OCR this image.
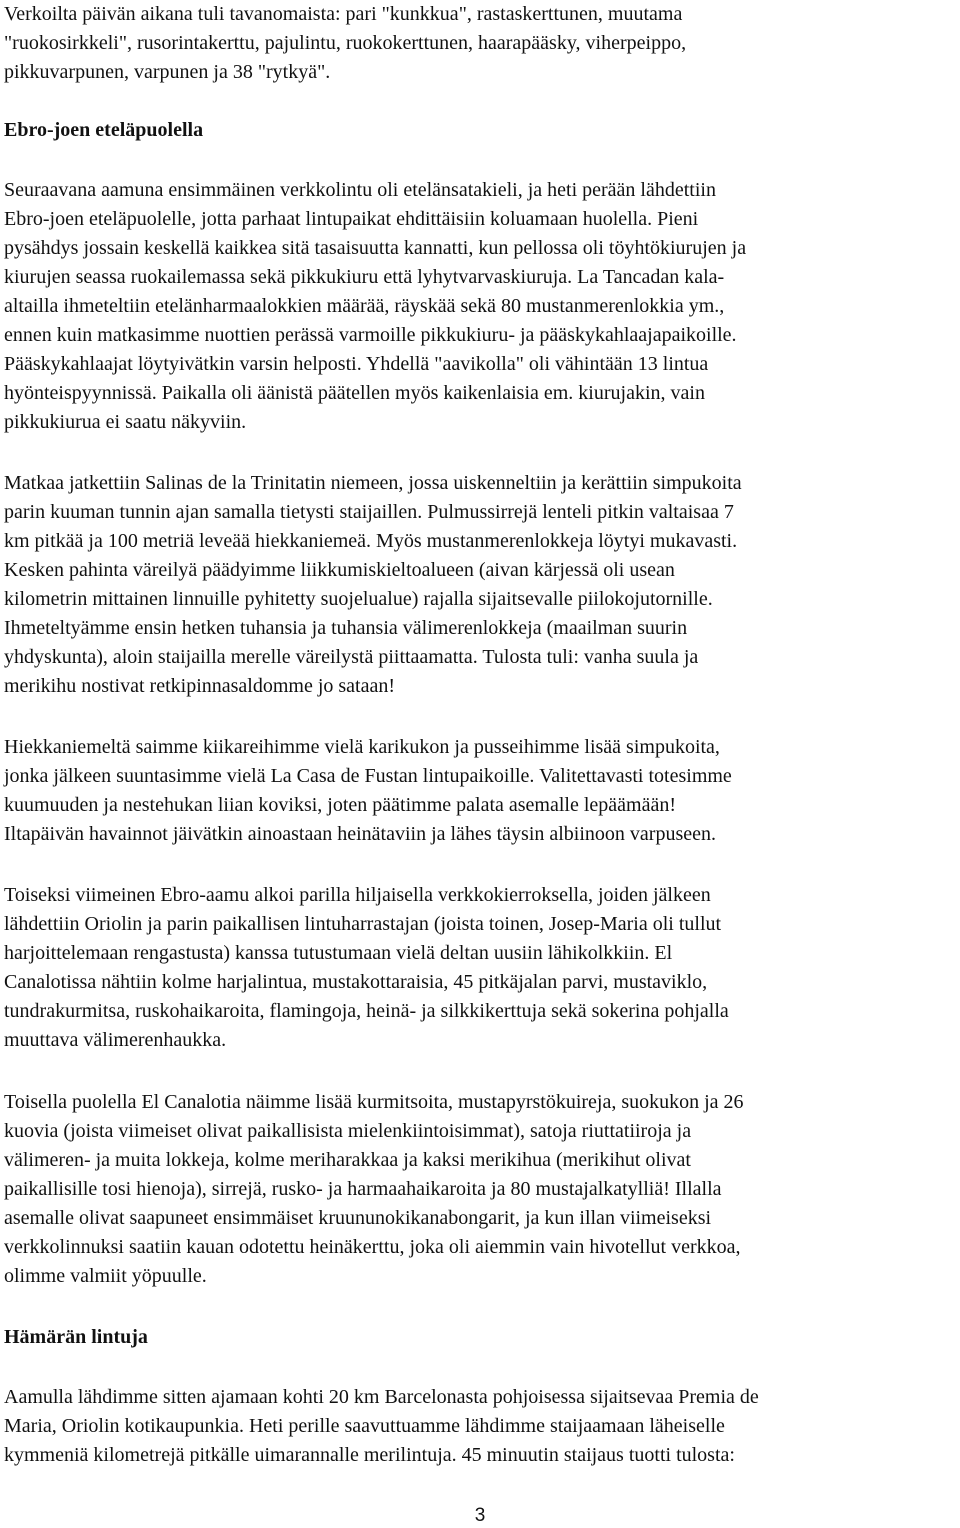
Verkoilta päivän aikana tuli tavanomaista: pari "kunkkua", rastaskerttunen, muutama
"ruokosirkkeli", rusorintakerttu, pajulintu, ruokokerttunen, haarapääsky, viherpeippo,
pikkuvarpunen, varpunen ja 38 "rytkyä".
Ebro-joen eteläpuolella
Seuraavana aamuna ensimmäinen verkkolintu oli etelänsatakieli, ja heti perään lähdettiin
Ebro-joen eteläpuolelle, jotta parhaat lintupaikat ehdittäisiin koluamaan huolella. Pieni
pysähdys jossain keskellä kaikkea sitä tasaisuutta kannatti, kun pellossa oli töyhtökiurujen ja
kiurujen seassa ruokailemassa sekä pikkukiuru että lyhytvarvaskiuruja. La Tancadan kala-
altailla ihmeteltiin etelänharmaalokkien määrää, räyskää sekä 80 mustanmerenlokkia ym.,
ennen kuin matkasimme nuottien perässä varmoille pikkukiuru- ja pääskykahlaajapaikoille.
Pääskykahlaajat löytyivätkin varsin helposti. Yhdellä "aavikolla" oli vähintään 13 lintua
hyönteispyynnissä. Paikalla oli äänistä päätellen myös kaikenlaisia em. kiurujakin, vain
pikkukiurua ei saatu näkyviin.
Matkaa jatkettiin Salinas de la Trinitatin niemeen, jossa uiskenneltiin ja kerättiin simpukoita
parin kuuman tunnin ajan samalla tietysti staijaillen. Pulmussirrejä lenteli pitkin valtaisaa 7
km pitkää ja 100 metriä leveää hiekkaniemeä. Myös mustanmerenlokkeja löytyi mukavasti.
Kesken pahinta väreilyä päädyimme liikkumiskieltoalueen (aivan kärjessä oli usean
kilometrin mittainen linnuille pyhitetty suojelualue) rajalla sijaitsevalle piilokojutornille.
Ihmeteltyämme ensin hetken tuhansia ja tuhansia välimerenlokkeja (maailman suurin
yhdyskunta), aloin staijailla merelle väreilystä piittaamatta. Tulosta tuli: vanha suula ja
merikihu nostivat retkipinnasaldomme jo sataan!
Hiekkaniemeltä saimme kiikareihimme vielä karikukon ja pusseihimme lisää simpukoita,
jonka jälkeen suuntasimme vielä La Casa de Fustan lintupaikoille. Valitettavasti totesimme
kuumuuden ja nestehukan liian koviksi, joten päätimme palata asemalle lepäämään!
Iltapäivän havainnot jäivätkin ainoastaan heinätaviin ja lähes täysin albiinoon varpuseen.
Toiseksi viimeinen Ebro-aamu alkoi parilla hiljaisella verkkokierroksella, joiden jälkeen
lähdettiin Oriolin ja parin paikallisen lintuharrastajan (joista toinen, Josep-Maria oli tullut
harjoittelemaan rengastusta) kanssa tutustumaan vielä deltan uusiin lähikolkkiin. El
Canalotissa nähtiin kolme harjalintua, mustakottaraisia, 45 pitkäjalan parvi, mustaviklo,
tundrakurmitsa, ruskohaikaroita, flamingoja, heinä- ja silkkikerttuja sekä sokerina pohjalla
muuttava välimerenhaukka.
Toisella puolella El Canalotia näimme lisää kurmitsoita, mustapyrstökuireja, suokukon ja 26
kuovia (joista viimeiset olivat paikallisista mielenkiintoisimmat), satoja riuttatiiroja ja
välimeren- ja muita lokkeja, kolme meriharakkaa ja kaksi merikihua (merikihut olivat
paikallisille tosi hienoja), sirrejä, rusko- ja harmaahaikaroita ja 80 mustajalkatylliä! Illalla
asemalle olivat saapuneet ensimmäiset kruununokikanabongarit, ja kun illan viimeiseksi
verkkolinnuksi saatiin kauan odotettu heinäkerttu, joka oli aiemmin vain hivotellut verkkoa,
olimme valmiit yöpuulle.
Hämärän lintuja
Aamulla lähdimme sitten ajamaan kohti 20 km Barcelonasta pohjoisessa sijaitsevaa Premia de
Maria, Oriolin kotikaupunkia. Heti perille saavuttuamme lähdimme staijaamaan läheiselle
kymmeniä kilometrejä pitkälle uimarannalle merilintuja. 45 minuutin staijaus tuotti tulosta:
3
